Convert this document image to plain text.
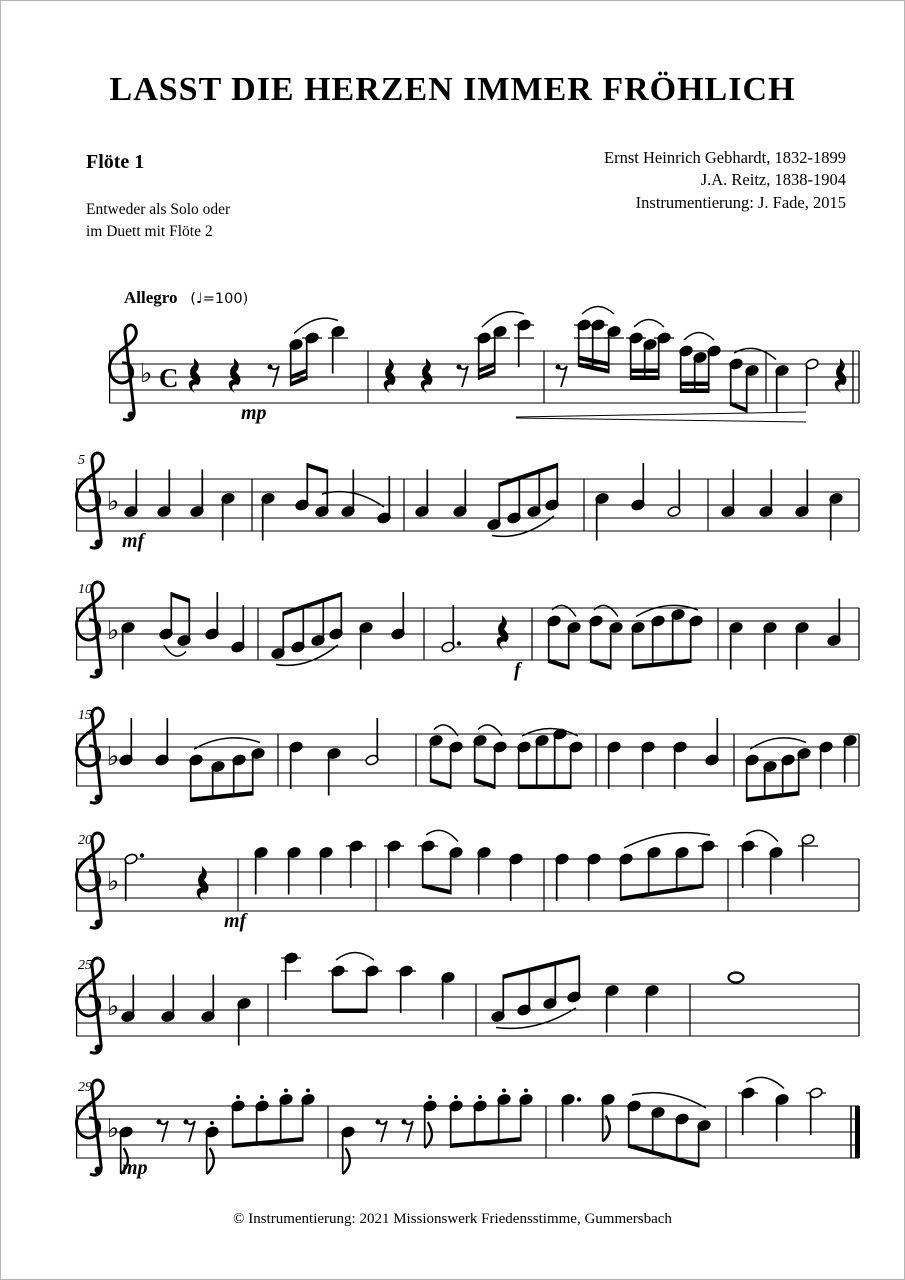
LASST DIE HERZEN IMMER FRÖHLICH
Flöte 1	Ernst Heinrich Gebhardt, 1832-1899
J.A. Reitz, 1838-1904
Instrumentierung: J. Fade, 2015
Entweder als Solo oder
im Duett mit Flöte 2
Allegro (♩=100)
♭ C
mp
♭
5
mf
♭
10
f
♭
15
♭
20
mf
♭
25
♭
29
mp
© Instrumentierung: 2021 Missionswerk Friedensstimme, Gummersbach
